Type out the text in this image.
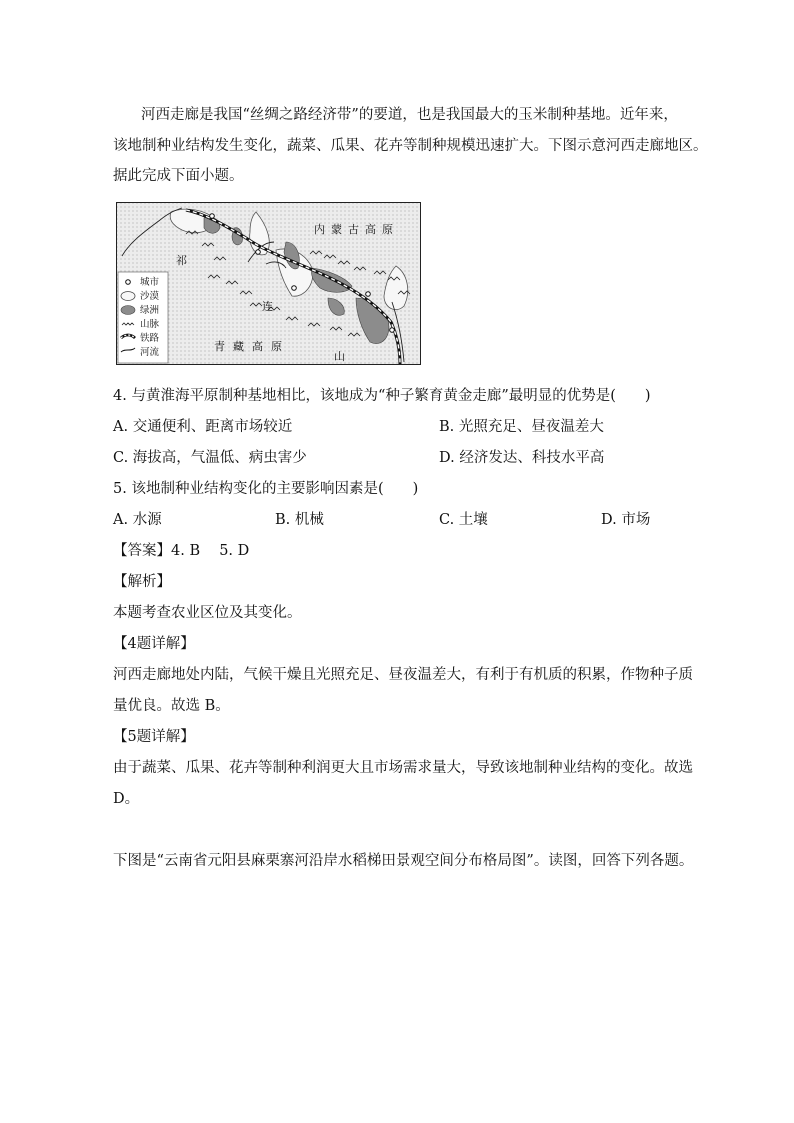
河西走廊是我国“丝绸之路经济带”的要道，也是我国最大的玉米制种基地。近年来，
该地制种业结构发生变化，蔬菜、瓜果、花卉等制种规模迅速扩大。下图示意河西走廊地区。
据此完成下面小题。
内蒙古高原
青藏高原
祁
连
山
城市
沙漠
绿洲
山脉
铁路
河流
4. 与黄淮海平原制种基地相比，该地成为“种子繁育黄金走廊”最明显的优势是(　　)
A. 交通便利、距离市场较近	B. 光照充足、昼夜温差大
C. 海拔高，气温低、病虫害少	D. 经济发达、科技水平高
5. 该地制种业结构变化的主要影响因素是(　　)
A. 水源	B. 机械	C. 土壤	D. 市场
【答案】4. B　 5. D
【解析】
本题考查农业区位及其变化。
【4题详解】
河西走廊地处内陆，气候干燥且光照充足、昼夜温差大，有利于有机质的积累，作物种子质
量优良。故选 B。
【5题详解】
由于蔬菜、瓜果、花卉等制种利润更大且市场需求量大，导致该地制种业结构的变化。故选
D。
下图是“云南省元阳县麻栗寨河沿岸水稻梯田景观空间分布格局图”。读图，回答下列各题。
